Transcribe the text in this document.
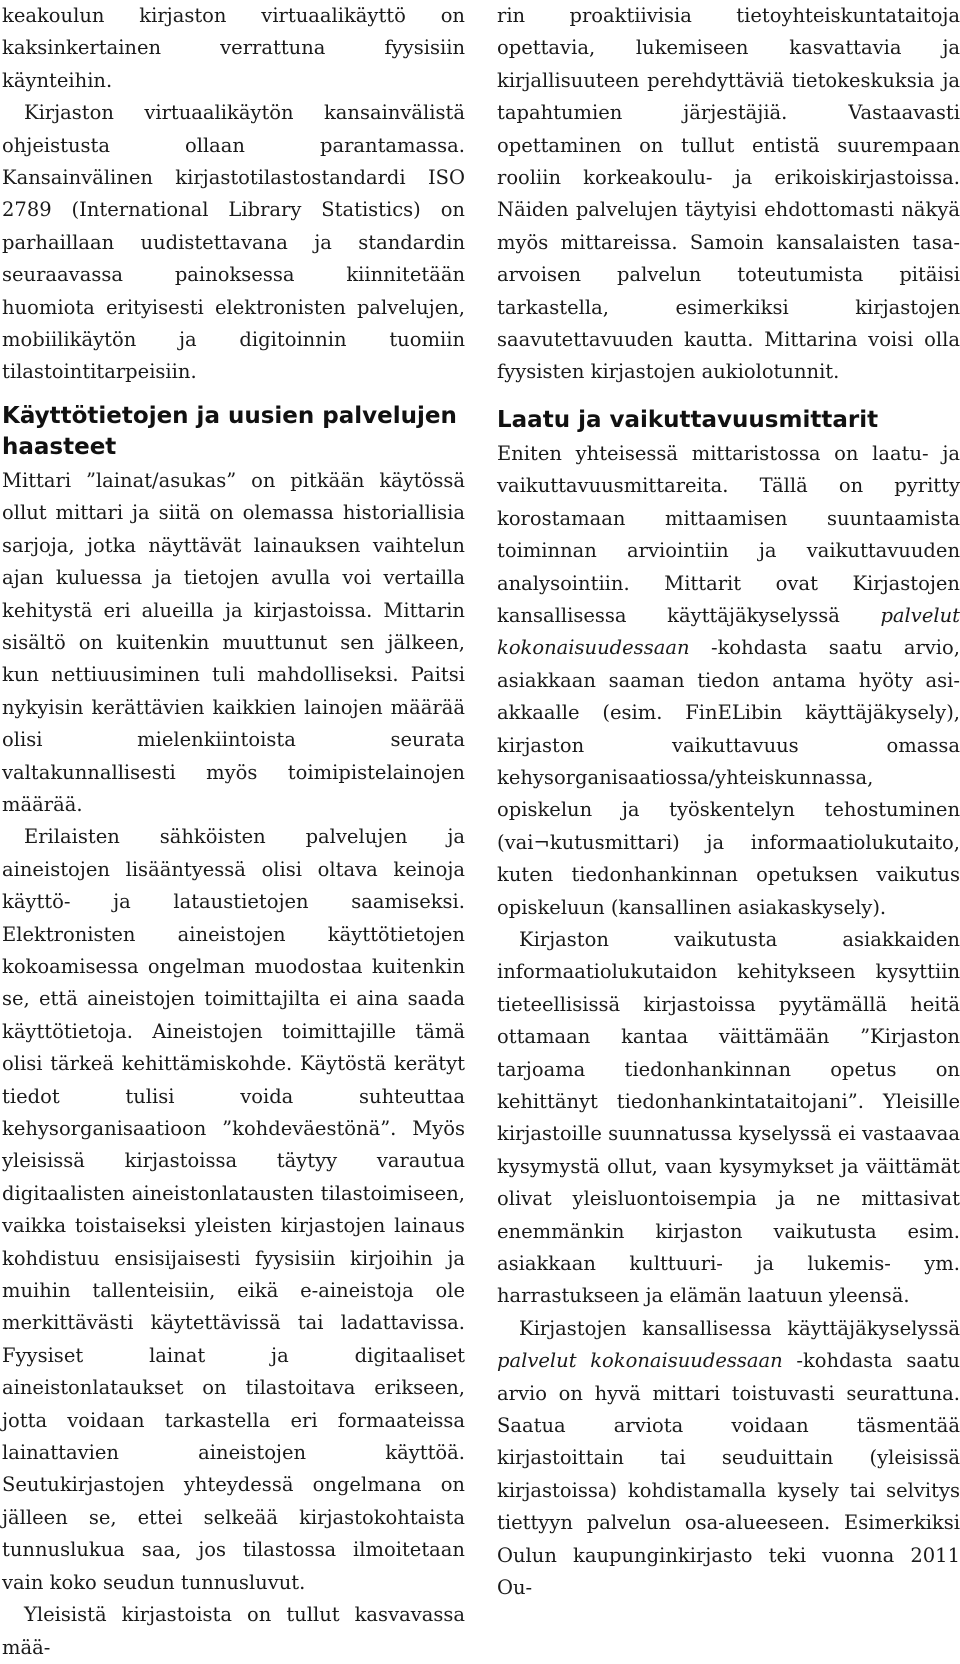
keakoulun kirjaston virtuaalikäyttö on kaksinkertainen verrattuna fyysisiin käynteihin.

Kirjaston virtuaalikäytön kansainvälistä ohjeistusta ollaan parantamassa. Kansainvälinen kirjastotilastostandardi ISO 2789 (International Library Statistics) on parhaillaan uudistettavana ja standardin seuraavassa painoksessa kiinnitetään huomiota erityisesti elektronisten palvelujen, mobiilikäytön ja digitoinnin tuomiin tilastointitarpeisiin.

Käyttötietojen ja uusien palvelujen haasteet

Mittari ”lainat/asukas” on pitkään käytössä ollut mittari ja siitä on olemassa historiallisia sarjoja, jotka näyttävät lainauksen vaihtelun ajan kuluessa ja tietojen avulla voi vertailla kehitystä eri alueilla ja kirjastoissa. Mittarin sisältö on kuitenkin muuttunut sen jälkeen, kun nettiuusiminen tuli mahdolliseksi. Paitsi nykyisin kerättävien kaikkien lainojen määrää olisi mielenkiintoista seurata valtakunnallisesti myös toimipistelainojen määrää.

Erilaisten sähköisten palvelujen ja aineistojen lisääntyessä olisi oltava keinoja käyttö- ja lataustietojen saamiseksi. Elektronisten aineistojen käyttötietojen kokoamisessa ongelman muodostaa kuitenkin se, että aineistojen toimittajilta ei aina saada käyttötietoja. Aineistojen toimittajille tämä olisi tärkeä kehittämiskohde. Käytöstä kerätyt tiedot tulisi voida suhteuttaa kehysorganisaatioon ”kohdeväestönä”. Myös yleisissä kirjastoissa täytyy varautua digitaalisten aineistonlatausten tilastoimiseen, vaikka toistaiseksi yleisten kirjastojen lainaus kohdistuu ensisijaisesti fyysisiin kirjoihin ja muihin tallenteisiin, eikä e-aineistoja ole merkittävästi käytettävissä tai ladattavissa. Fyysiset lainat ja digitaaliset aineistonlataukset on tilastoitava erikseen, jotta voidaan tarkastella eri formaateissa lainattavien aineistojen käyttöä. Seutukirjastojen yhteydessä ongelmana on jälleen se, ettei selkeää kirjastokohtaista tunnuslukua saa, jos tilastossa ilmoitetaan vain koko seudun tunnusluvut.

Yleisistä kirjastoista on tullut kasvavassa mää-

rin proaktiivisia tietoyhteiskuntataitoja opettavia, lukemiseen kasvattavia ja kirjallisuuteen perehdyttäviä tietokeskuksia ja tapahtumien järjestäjiä. Vastaavasti opettaminen on tullut entistä suurempaan rooliin korkeakoulu- ja erikoiskirjastoissa. Näiden palvelujen täytyisi ehdottomasti näkyä myös mittareissa. Samoin kansalaisten tasa-arvoisen palvelun toteutumista pitäisi tarkastella, esimerkiksi kirjastojen saavutettavuuden kautta. Mittarina voisi olla fyysisten kirjastojen aukiolotunnit.

Laatu ja vaikuttavuusmittarit

Eniten yhteisessä mittaristossa on laatu- ja vaikuttavuusmittareita. Tällä on pyritty korostamaan mittaamisen suuntaamista toiminnan arviointiin ja vaikuttavuuden analysointiin. Mittarit ovat Kirjastojen kansallisessa käyttäjäkyselyssä palvelut kokonaisuudessaan -kohdasta saatu arvio, asiakkaan saaman tiedon antama hyöty asi-akkaalle (esim. FinELibin käyttäjäkysely), kirjaston vaikuttavuus omassa kehysorganisaatiossa/yhteiskunnassa, opiskelun ja työskentelyn tehostuminen (vai¬kutusmittari) ja informaatiolukutaito, kuten tiedonhankinnan opetuksen vaikutus opiskeluun (kansallinen asiakaskysely).

Kirjaston vaikutusta asiakkaiden informaatiolukutaidon kehitykseen kysyttiin tieteellisissä kirjastoissa pyytämällä heitä ottamaan kantaa väittämään ”Kirjaston tarjoama tiedonhankinnan opetus on kehittänyt tiedonhankintataitojani”. Yleisille kirjastoille suunnatussa kyselyssä ei vastaavaa kysymystä ollut, vaan kysymykset ja väittämät olivat yleisluontoisempia ja ne mittasivat enemmänkin kirjaston vaikutusta esim. asiakkaan kulttuuri- ja lukemis- ym. harrastukseen ja elämän laatuun yleensä.

Kirjastojen kansallisessa käyttäjäkyselyssä palvelut kokonaisuudessaan -kohdasta saatu arvio on hyvä mittari toistuvasti seurattuna. Saatua arviota voidaan täsmentää kirjastoittain tai seuduittain (yleisissä kirjastoissa) kohdistamalla kysely tai selvitys tiettyyn palvelun osa-alueeseen. Esimerkiksi Oulun kaupunginkirjasto teki vuonna 2011 Ou-
